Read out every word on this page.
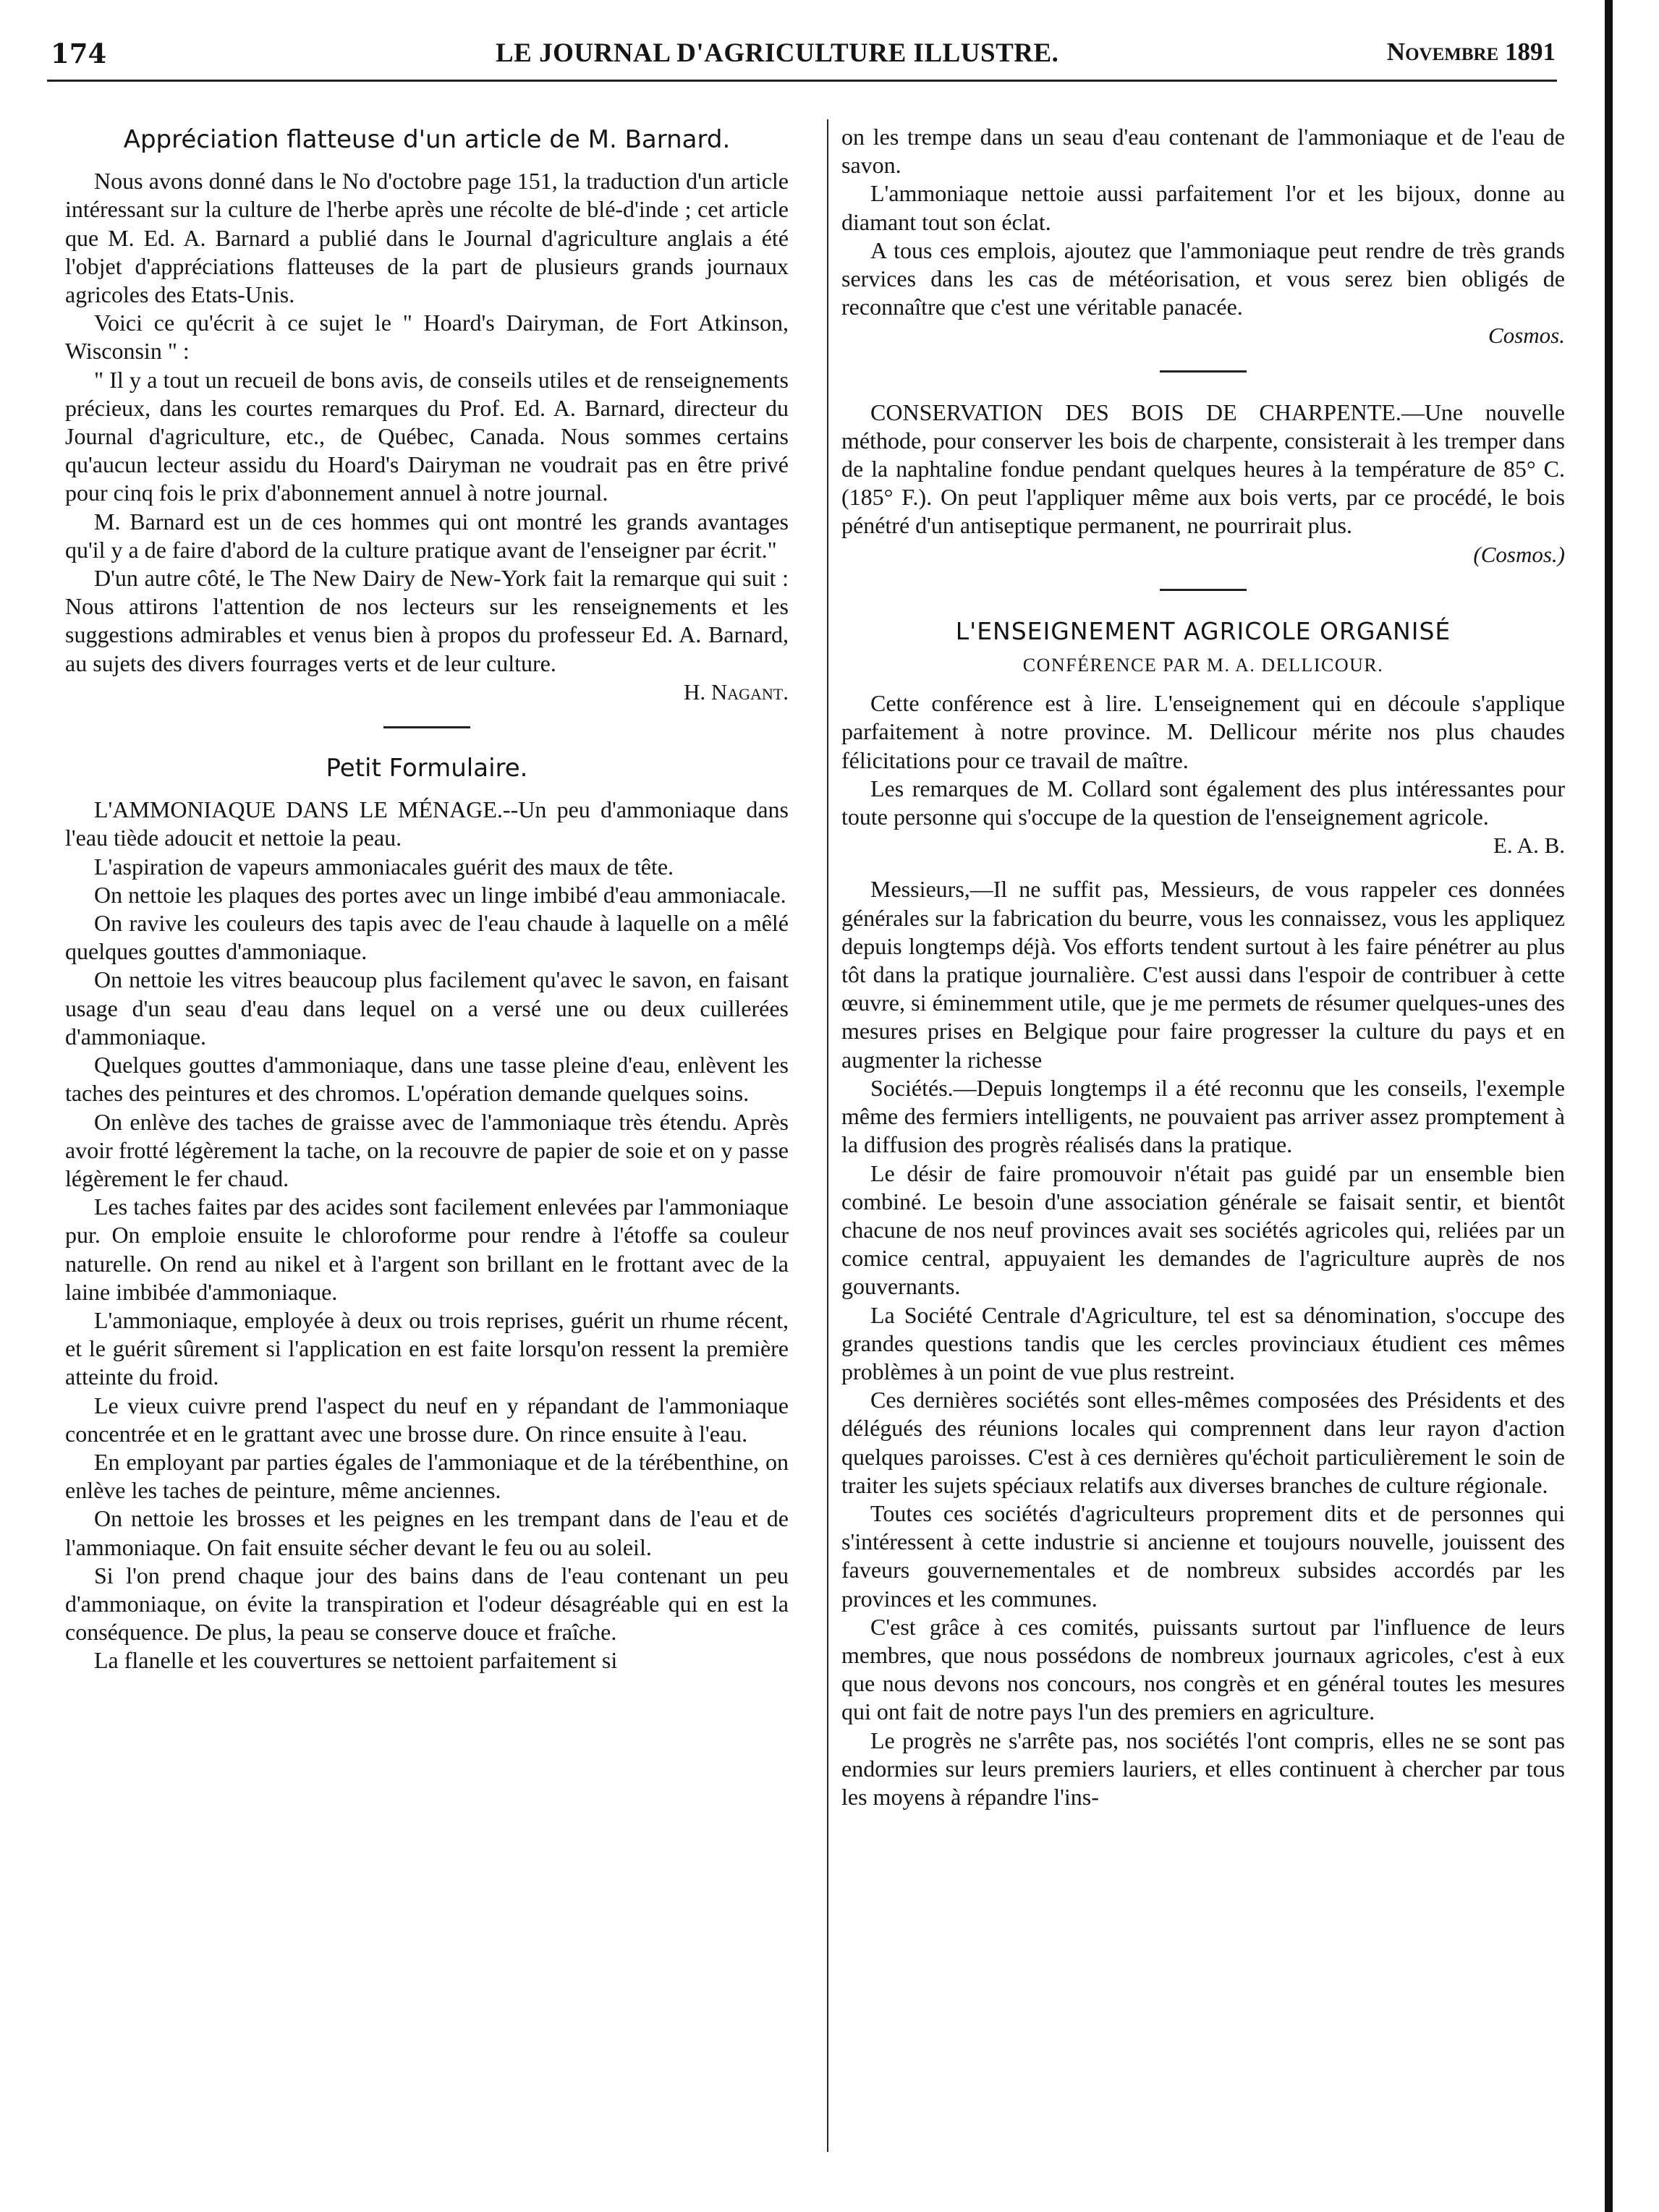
174	LE JOURNAL D'AGRICULTURE ILLUSTRE.	Novembre 1891
Appréciation flatteuse d'un article de M. Barnard.

Nous avons donné dans le No d'octobre page 151, la traduction d'un article intéressant sur la culture de l'herbe après une récolte de blé-d'inde ; cet article que M. Ed. A. Barnard a publié dans le Journal d'agriculture anglais a été l'objet d'appréciations flatteuses de la part de plusieurs grands journaux agricoles des Etats-Unis.

Voici ce qu'écrit à ce sujet le " Hoard's Dairyman, de Fort Atkinson, Wisconsin " :

" Il y a tout un recueil de bons avis, de conseils utiles et de renseignements précieux, dans les courtes remarques du Prof. Ed. A. Barnard, directeur du Journal d'agriculture, etc., de Québec, Canada. Nous sommes certains qu'aucun lecteur assidu du Hoard's Dairyman ne voudrait pas en être privé pour cinq fois le prix d'abonnement annuel à notre journal.

M. Barnard est un de ces hommes qui ont montré les grands avantages qu'il y a de faire d'abord de la culture pratique avant de l'enseigner par écrit."

D'un autre côté, le The New Dairy de New-York fait la remarque qui suit : Nous attirons l'attention de nos lecteurs sur les renseignements et les suggestions admirables et venus bien à propos du professeur Ed. A. Barnard, au sujets des divers fourrages verts et de leur culture.

H. Nagant.
Petit Formulaire.

L'AMMONIAQUE DANS LE MÉNAGE.--Un peu d'ammoniaque dans l'eau tiède adoucit et nettoie la peau.

L'aspiration de vapeurs ammoniacales guérit des maux de tête.

On nettoie les plaques des portes avec un linge imbibé d'eau ammoniacale.

On ravive les couleurs des tapis avec de l'eau chaude à laquelle on a mêlé quelques gouttes d'ammoniaque.

On nettoie les vitres beaucoup plus facilement qu'avec le savon, en faisant usage d'un seau d'eau dans lequel on a versé une ou deux cuillerées d'ammoniaque.

Quelques gouttes d'ammoniaque, dans une tasse pleine d'eau, enlèvent les taches des peintures et des chromos. L'opération demande quelques soins.

On enlève des taches de graisse avec de l'ammoniaque très étendu. Après avoir frotté légèrement la tache, on la recouvre de papier de soie et on y passe légèrement le fer chaud.

Les taches faites par des acides sont facilement enlevées par l'ammoniaque pur. On emploie ensuite le chloroforme pour rendre à l'étoffe sa couleur naturelle. On rend au nikel et à l'argent son brillant en le frottant avec de la laine imbibée d'ammoniaque.

L'ammoniaque, employée à deux ou trois reprises, guérit un rhume récent, et le guérit sûrement si l'application en est faite lorsqu'on ressent la première atteinte du froid.

Le vieux cuivre prend l'aspect du neuf en y répandant de l'ammoniaque concentrée et en le grattant avec une brosse dure. On rince ensuite à l'eau.

En employant par parties égales de l'ammoniaque et de la térébenthine, on enlève les taches de peinture, même anciennes.

On nettoie les brosses et les peignes en les trempant dans de l'eau et de l'ammoniaque. On fait ensuite sécher devant le feu ou au soleil.

Si l'on prend chaque jour des bains dans de l'eau contenant un peu d'ammoniaque, on évite la transpiration et l'odeur désagréable qui en est la conséquence. De plus, la peau se conserve douce et fraîche.

La flanelle et les couvertures se nettoient parfaitement si

on les trempe dans un seau d'eau contenant de l'ammoniaque et de l'eau de savon.

L'ammoniaque nettoie aussi parfaitement l'or et les bijoux, donne au diamant tout son éclat.

A tous ces emplois, ajoutez que l'ammoniaque peut rendre de très grands services dans les cas de météorisation, et vous serez bien obligés de reconnaître que c'est une véritable panacée.

Cosmos.

CONSERVATION DES BOIS DE CHARPENTE.—Une nouvelle méthode, pour conserver les bois de charpente, consisterait à les tremper dans de la naphtaline fondue pendant quelques heures à la température de 85° C. (185° F.). On peut l'appliquer même aux bois verts, par ce procédé, le bois pénétré d'un antiseptique permanent, ne pourrirait plus.

(Cosmos.)
L'ENSEIGNEMENT AGRICOLE ORGANISÉ
CONFÉRENCE PAR M. A. DELLICOUR.

Cette conférence est à lire. L'enseignement qui en découle s'applique parfaitement à notre province. M. Dellicour mérite nos plus chaudes félicitations pour ce travail de maître.

Les remarques de M. Collard sont également des plus intéressantes pour toute personne qui s'occupe de la question de l'enseignement agricole.

E. A. B.

Messieurs,—Il ne suffit pas, Messieurs, de vous rappeler ces données générales sur la fabrication du beurre, vous les connaissez, vous les appliquez depuis longtemps déjà. Vos efforts tendent surtout à les faire pénétrer au plus tôt dans la pratique journalière. C'est aussi dans l'espoir de contribuer à cette œuvre, si éminemment utile, que je me permets de résumer quelques-unes des mesures prises en Belgique pour faire progresser la culture du pays et en augmenter la richesse

Sociétés.—Depuis longtemps il a été reconnu que les conseils, l'exemple même des fermiers intelligents, ne pouvaient pas arriver assez promptement à la diffusion des progrès réalisés dans la pratique.

Le désir de faire promouvoir n'était pas guidé par un ensemble bien combiné. Le besoin d'une association générale se faisait sentir, et bientôt chacune de nos neuf provinces avait ses sociétés agricoles qui, reliées par un comice central, appuyaient les demandes de l'agriculture auprès de nos gouvernants.

La Société Centrale d'Agriculture, tel est sa dénomination, s'occupe des grandes questions tandis que les cercles provinciaux étudient ces mêmes problèmes à un point de vue plus restreint.

Ces dernières sociétés sont elles-mêmes composées des Présidents et des délégués des réunions locales qui comprennent dans leur rayon d'action quelques paroisses. C'est à ces dernières qu'échoit particulièrement le soin de traiter les sujets spéciaux relatifs aux diverses branches de culture régionale.

Toutes ces sociétés d'agriculteurs proprement dits et de personnes qui s'intéressent à cette industrie si ancienne et toujours nouvelle, jouissent des faveurs gouvernementales et de nombreux subsides accordés par les provinces et les communes.

C'est grâce à ces comités, puissants surtout par l'influence de leurs membres, que nous possédons de nombreux journaux agricoles, c'est à eux que nous devons nos concours, nos congrès et en général toutes les mesures qui ont fait de notre pays l'un des premiers en agriculture.

Le progrès ne s'arrête pas, nos sociétés l'ont compris, elles ne se sont pas endormies sur leurs premiers lauriers, et elles continuent à chercher par tous les moyens à répandre l'ins-
